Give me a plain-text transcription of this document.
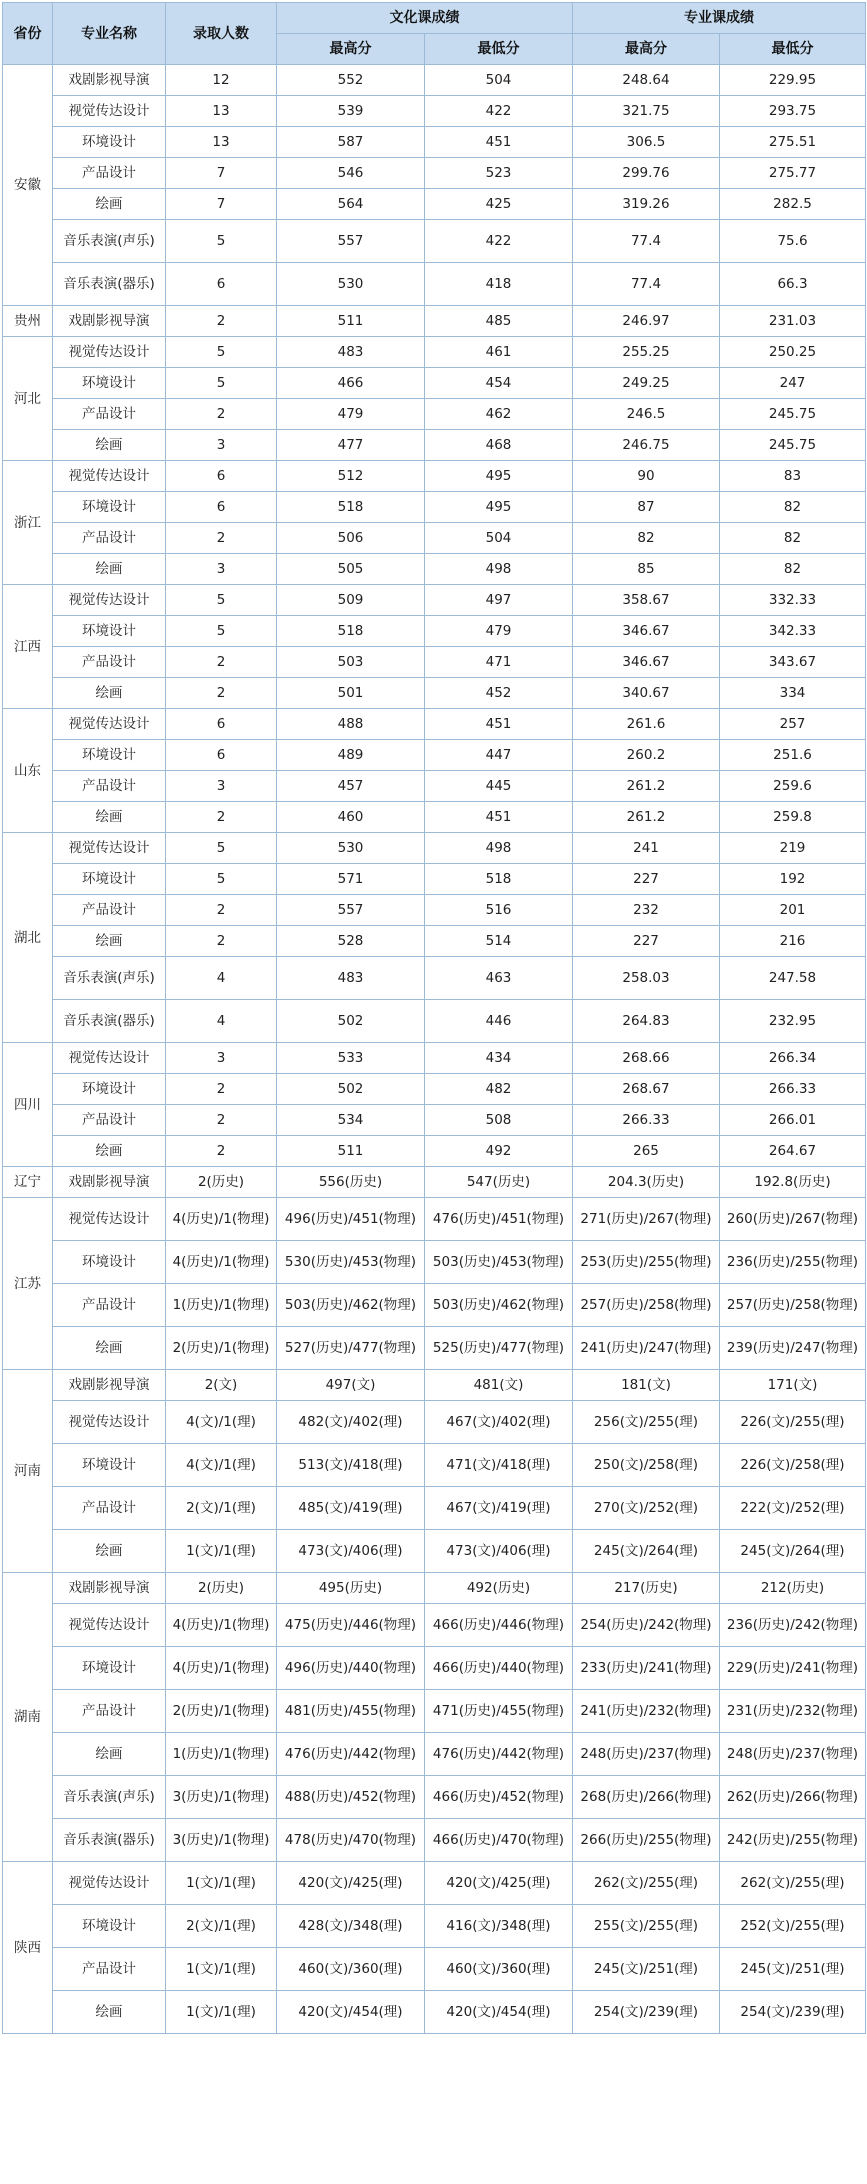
省份	专业名称	录取人数	文化课成绩		专业课成绩	
			最高分	最低分	最高分	最低分
安徽	戏剧影视导演	12	552	504	248.64	229.95
	视觉传达设计	13	539	422	321.75	293.75
	环境设计	13	587	451	306.5	275.51
	产品设计	7	546	523	299.76	275.77
	绘画	7	564	425	319.26	282.5
	音乐表演(声乐)	5	557	422	77.4	75.6
	音乐表演(器乐)	6	530	418	77.4	66.3
贵州	戏剧影视导演	2	511	485	246.97	231.03
河北	视觉传达设计	5	483	461	255.25	250.25
	环境设计	5	466	454	249.25	247
	产品设计	2	479	462	246.5	245.75
	绘画	3	477	468	246.75	245.75
浙江	视觉传达设计	6	512	495	90	83
	环境设计	6	518	495	87	82
	产品设计	2	506	504	82	82
	绘画	3	505	498	85	82
江西	视觉传达设计	5	509	497	358.67	332.33
	环境设计	5	518	479	346.67	342.33
	产品设计	2	503	471	346.67	343.67
	绘画	2	501	452	340.67	334
山东	视觉传达设计	6	488	451	261.6	257
	环境设计	6	489	447	260.2	251.6
	产品设计	3	457	445	261.2	259.6
	绘画	2	460	451	261.2	259.8
湖北	视觉传达设计	5	530	498	241	219
	环境设计	5	571	518	227	192
	产品设计	2	557	516	232	201
	绘画	2	528	514	227	216
	音乐表演(声乐)	4	483	463	258.03	247.58
	音乐表演(器乐)	4	502	446	264.83	232.95
四川	视觉传达设计	3	533	434	268.66	266.34
	环境设计	2	502	482	268.67	266.33
	产品设计	2	534	508	266.33	266.01
	绘画	2	511	492	265	264.67
辽宁	戏剧影视导演	2(历史)	556(历史)	547(历史)	204.3(历史)	192.8(历史)
江苏	视觉传达设计	4(历史)/1(物理)	496(历史)/451(物理)	476(历史)/451(物理)	271(历史)/267(物理)	260(历史)/267(物理)
	环境设计	4(历史)/1(物理)	530(历史)/453(物理)	503(历史)/453(物理)	253(历史)/255(物理)	236(历史)/255(物理)
	产品设计	1(历史)/1(物理)	503(历史)/462(物理)	503(历史)/462(物理)	257(历史)/258(物理)	257(历史)/258(物理)
	绘画	2(历史)/1(物理)	527(历史)/477(物理)	525(历史)/477(物理)	241(历史)/247(物理)	239(历史)/247(物理)
河南	戏剧影视导演	2(文)	497(文)	481(文)	181(文)	171(文)
	视觉传达设计	4(文)/1(理)	482(文)/402(理)	467(文)/402(理)	256(文)/255(理)	226(文)/255(理)
	环境设计	4(文)/1(理)	513(文)/418(理)	471(文)/418(理)	250(文)/258(理)	226(文)/258(理)
	产品设计	2(文)/1(理)	485(文)/419(理)	467(文)/419(理)	270(文)/252(理)	222(文)/252(理)
	绘画	1(文)/1(理)	473(文)/406(理)	473(文)/406(理)	245(文)/264(理)	245(文)/264(理)
湖南	戏剧影视导演	2(历史)	495(历史)	492(历史)	217(历史)	212(历史)
	视觉传达设计	4(历史)/1(物理)	475(历史)/446(物理)	466(历史)/446(物理)	254(历史)/242(物理)	236(历史)/242(物理)
	环境设计	4(历史)/1(物理)	496(历史)/440(物理)	466(历史)/440(物理)	233(历史)/241(物理)	229(历史)/241(物理)
	产品设计	2(历史)/1(物理)	481(历史)/455(物理)	471(历史)/455(物理)	241(历史)/232(物理)	231(历史)/232(物理)
	绘画	1(历史)/1(物理)	476(历史)/442(物理)	476(历史)/442(物理)	248(历史)/237(物理)	248(历史)/237(物理)
	音乐表演(声乐)	3(历史)/1(物理)	488(历史)/452(物理)	466(历史)/452(物理)	268(历史)/266(物理)	262(历史)/266(物理)
	音乐表演(器乐)	3(历史)/1(物理)	478(历史)/470(物理)	466(历史)/470(物理)	266(历史)/255(物理)	242(历史)/255(物理)
陕西	视觉传达设计	1(文)/1(理)	420(文)/425(理)	420(文)/425(理)	262(文)/255(理)	262(文)/255(理)
	环境设计	2(文)/1(理)	428(文)/348(理)	416(文)/348(理)	255(文)/255(理)	252(文)/255(理)
	产品设计	1(文)/1(理)	460(文)/360(理)	460(文)/360(理)	245(文)/251(理)	245(文)/251(理)
	绘画	1(文)/1(理)	420(文)/454(理)	420(文)/454(理)	254(文)/239(理)	254(文)/239(理)
